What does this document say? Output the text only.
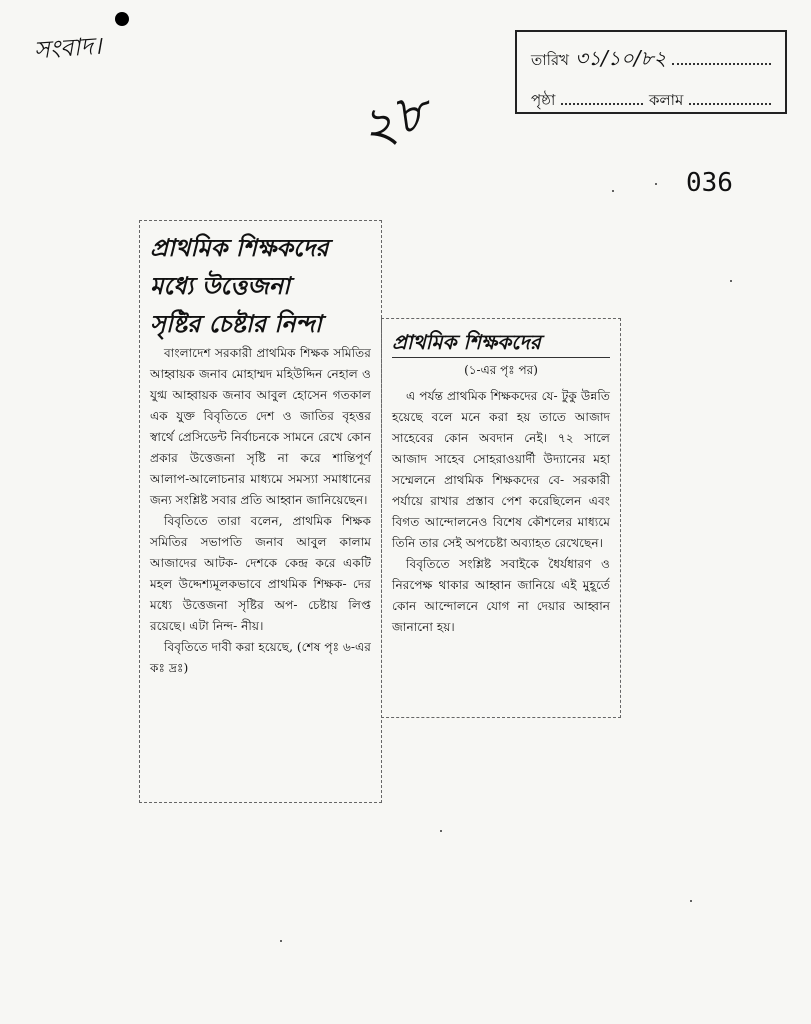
সংবাদ।	তারিখ ৩১/১০/৮২
পৃষ্ঠা	কলাম
২৮
036
প্রাথমিক শিক্ষকদের
মধ্যে উত্তেজনা
সৃষ্টির চেষ্টার নিন্দা

বাংলাদেশ সরকারী প্রাথমিক শিক্ষক সমিতির আহ্বায়ক জনাব মোহাম্মদ মহিউদ্দিন নেহাল ও যুগ্ম আহ্বায়ক জনাব আবুল হোসেন গতকাল এক যুক্ত বিবৃতিতে দেশ ও জাতির বৃহত্তর স্বার্থে প্রেসিডেন্ট নির্বাচনকে সামনে রেখে কোন প্রকার উত্তেজনা সৃষ্টি না করে শান্তিপূর্ণ আলাপ-আলোচনার মাধ্যমে সমস্যা সমাধানের জন্য সংশ্লিষ্ট সবার প্রতি আহ্বান জানিয়েছেন।

বিবৃতিতে তারা বলেন, প্রাথমিক শিক্ষক সমিতির সভাপতি জনাব আবুল কালাম আজাদের আটক- দেশকে কেন্দ্র করে একটি মহল উদ্দেশ্যমূলকভাবে প্রাথমিক শিক্ষক- দের মধ্যে উত্তেজনা সৃষ্টির অপ- চেষ্টায় লিপ্ত রয়েছে। এটা নিন্দ- নীয়।

বিবৃতিতে দাবী করা হয়েছে, (শেষ পৃঃ ৬-এর কঃ দ্রঃ)

প্রাথমিক শিক্ষকদের
(১-এর পৃঃ পর)

এ পর্যন্ত প্রাথমিক শিক্ষকদের যে- টুকু উন্নতি হয়েছে বলে মনে করা হয় তাতে আজাদ সাহেবের কোন অবদান নেই। ৭২ সালে আজাদ সাহেব সোহরাওয়ার্দী উদ্যানের মহা সম্মেলনে প্রাথমিক শিক্ষকদের বে- সরকারী পর্যায়ে রাখার প্রস্তাব পেশ করেছিলেন এবং বিগত আন্দোলনেও বিশেষ কৌশলের মাধ্যমে তিনি তার সেই অপচেষ্টা অব্যাহত রেখেছেন।

বিবৃতিতে সংশ্লিষ্ট সবাইকে ধৈর্যধারণ ও নিরপেক্ষ থাকার আহ্বান জানিয়ে এই মুহূর্তে কোন আন্দোলনে যোগ না দেয়ার আহ্বান জানানো হয়।
